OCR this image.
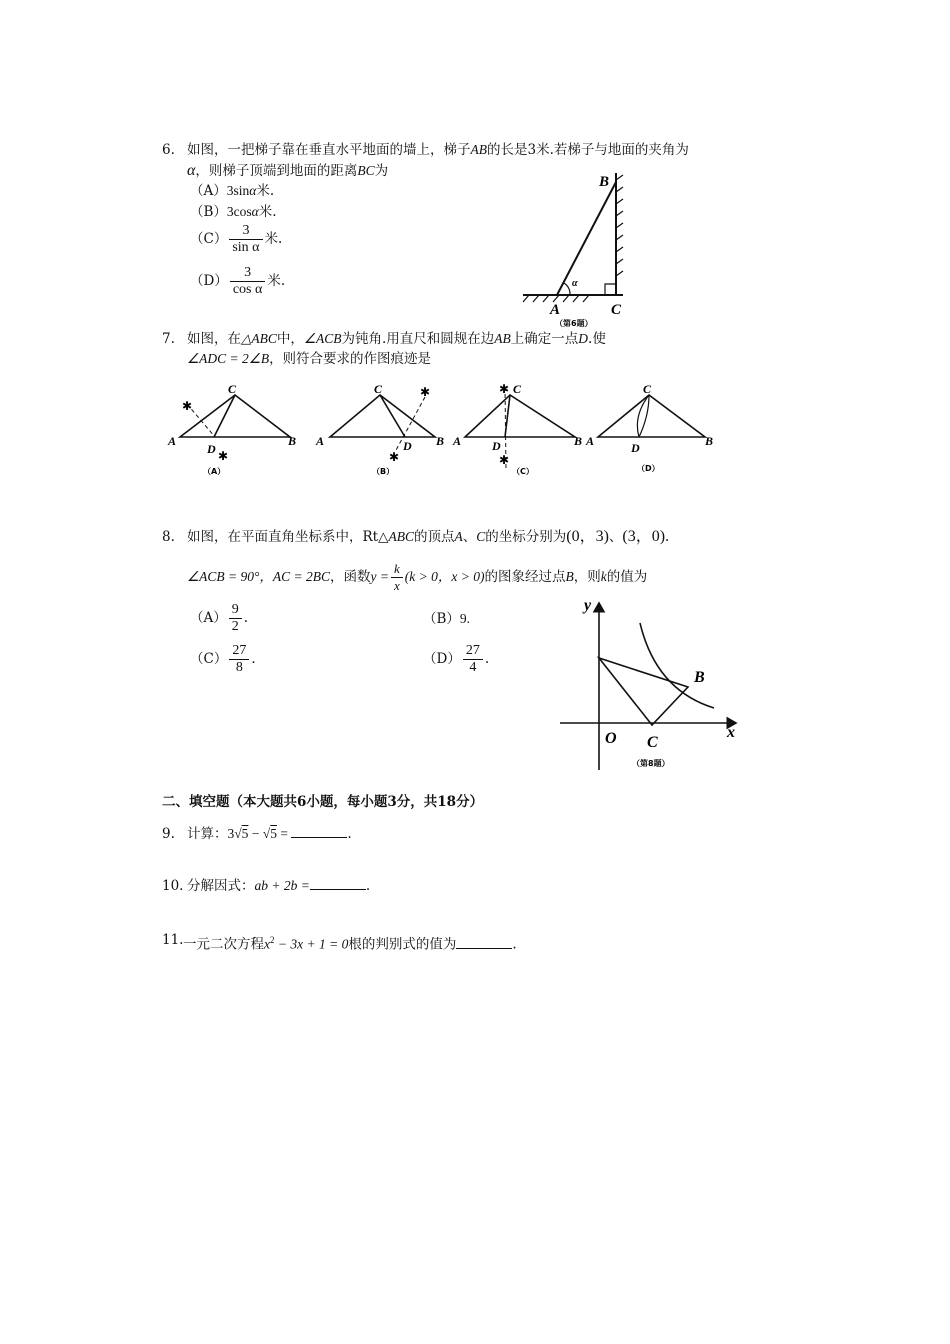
6. 如图，一把梯子靠在垂直水平地面的墙上，梯子AB的长是3米.若梯子与地面的夹角为
α，则梯子顶端到地面的距离BC为
（A）3sinα米.
（B）3cosα米.
$(C) \frac{3}{\text{sin α}}$ 米.
$(D) \frac{3}{\text{cos α}}$ 米.
B
A	C
α
（第6题）
7. 如图，在△ABC中，∠ACB为钝角.用直尺和圆规在边AB上确定一点D.使
∠ADC = 2∠B，则符合要求的作图痕迹是
✱
✱
A
C
B
D
（A）
✱
✱
A
C
B
D
（B）
✱
✱
A
C
B
D
（C）
A
C
B
D
（D）
8. 如图，在平面直角坐标系中，Rt△ABC的顶点A、C的坐标分别为(0，3)、(3，0).
∠ACB = 90°，AC = 2BC，函数$y = \frac{k}{x} (k > 0$，x > 0)的图象经过点B，则k的值为
$(A) \frac{9}{2}$ .	（B）9.
$(C) \frac{27}{8}$ .	$(D) \frac{27}{4}$ .
y
x
O C
B
（第8题）
二、填空题（本大题共6小题，每小题3分，共18分）
9. 计算：3√5 − √5 =	.
10. 分解因式：ab + 2b =	.
11. 一元二次方程$x^2 - 3x + 1 = 0$根的判别式的值为	.
